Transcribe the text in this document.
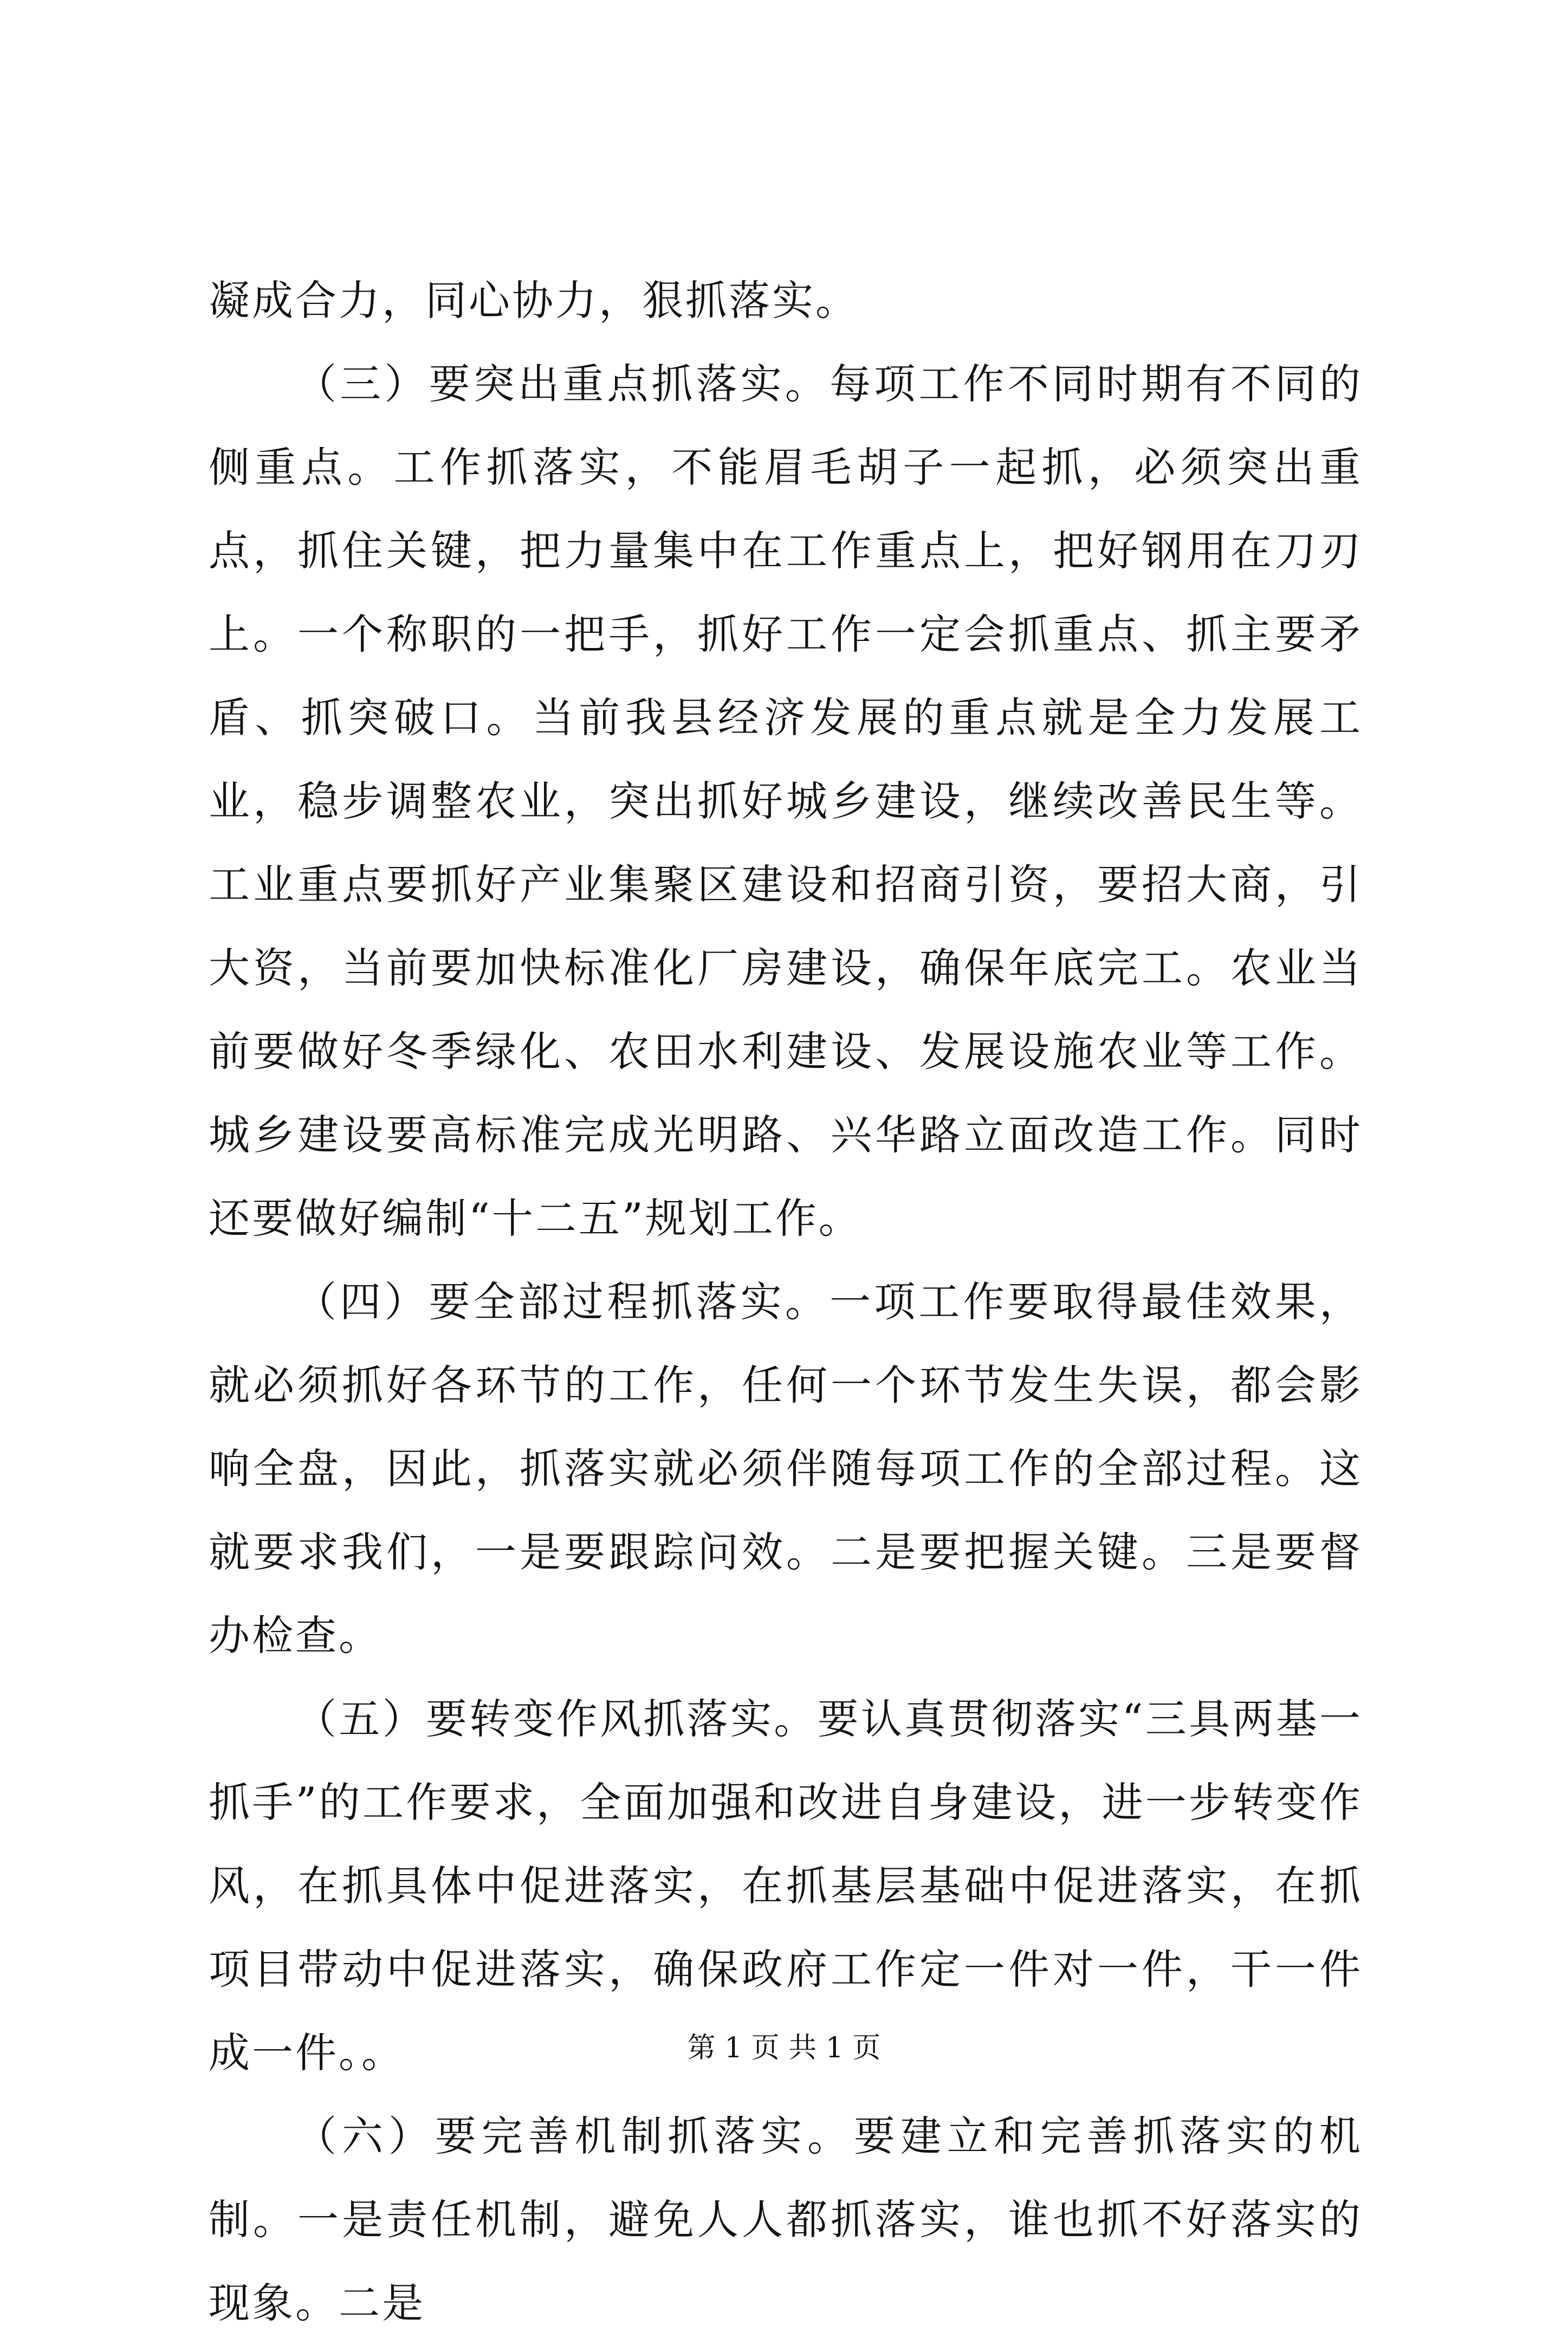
凝成合力，同心协力，狠抓落实。

（三）要突出重点抓落实。每项工作不同时期有不同的侧重点。工作抓落实，不能眉毛胡子一起抓，必须突出重点，抓住关键，把力量集中在工作重点上，把好钢用在刀刃上。一个称职的一把手，抓好工作一定会抓重点、抓主要矛盾、抓突破口。当前我县经济发展的重点就是全力发展工业，稳步调整农业，突出抓好城乡建设，继续改善民生等。工业重点要抓好产业集聚区建设和招商引资，要招大商，引大资，当前要加快标准化厂房建设，确保年底完工。农业当前要做好冬季绿化、农田水利建设、发展设施农业等工作。城乡建设要高标准完成光明路、兴华路立面改造工作。同时还要做好编制“十二五”规划工作。

（四）要全部过程抓落实。一项工作要取得最佳效果，就必须抓好各环节的工作，任何一个环节发生失误，都会影响全盘，因此，抓落实就必须伴随每项工作的全部过程。这就要求我们，一是要跟踪问效。二是要把握关键。三是要督办检查。

（五）要转变作风抓落实。要认真贯彻落实“三具两基一抓手”的工作要求，全面加强和改进自身建设，进一步转变作风，在抓具体中促进落实，在抓基层基础中促进落实，在抓项目带动中促进落实，确保政府工作定一件对一件，干一件成一件。。

（六）要完善机制抓落实。要建立和完善抓落实的机制。一是责任机制，避免人人都抓落实，谁也抓不好落实的现象。二是

第 1 页 共 1 页
